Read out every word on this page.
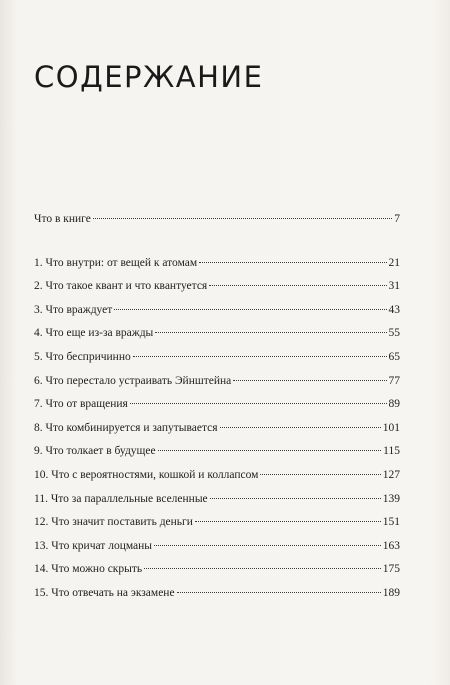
СОДЕРЖАНИЕ
Что в книге	7
1. Что внутри: от вещей к атомам	21
2. Что такое квант и что квантуется	31
3. Что враждует	43
4. Что еще из-за вражды	55
5. Что беспричинно	65
6. Что перестало устраивать Эйнштейна	77
7. Что от вращения	89
8. Что комбинируется и запутывается	101
9. Что толкает в будущее	115
10. Что с вероятностями, кошкой и коллапсом	127
11. Что за параллельные вселенные	139
12. Что значит поставить деньги	151
13. Что кричат лоцманы	163
14. Что можно скрыть	175
15. Что отвечать на экзамене	189
